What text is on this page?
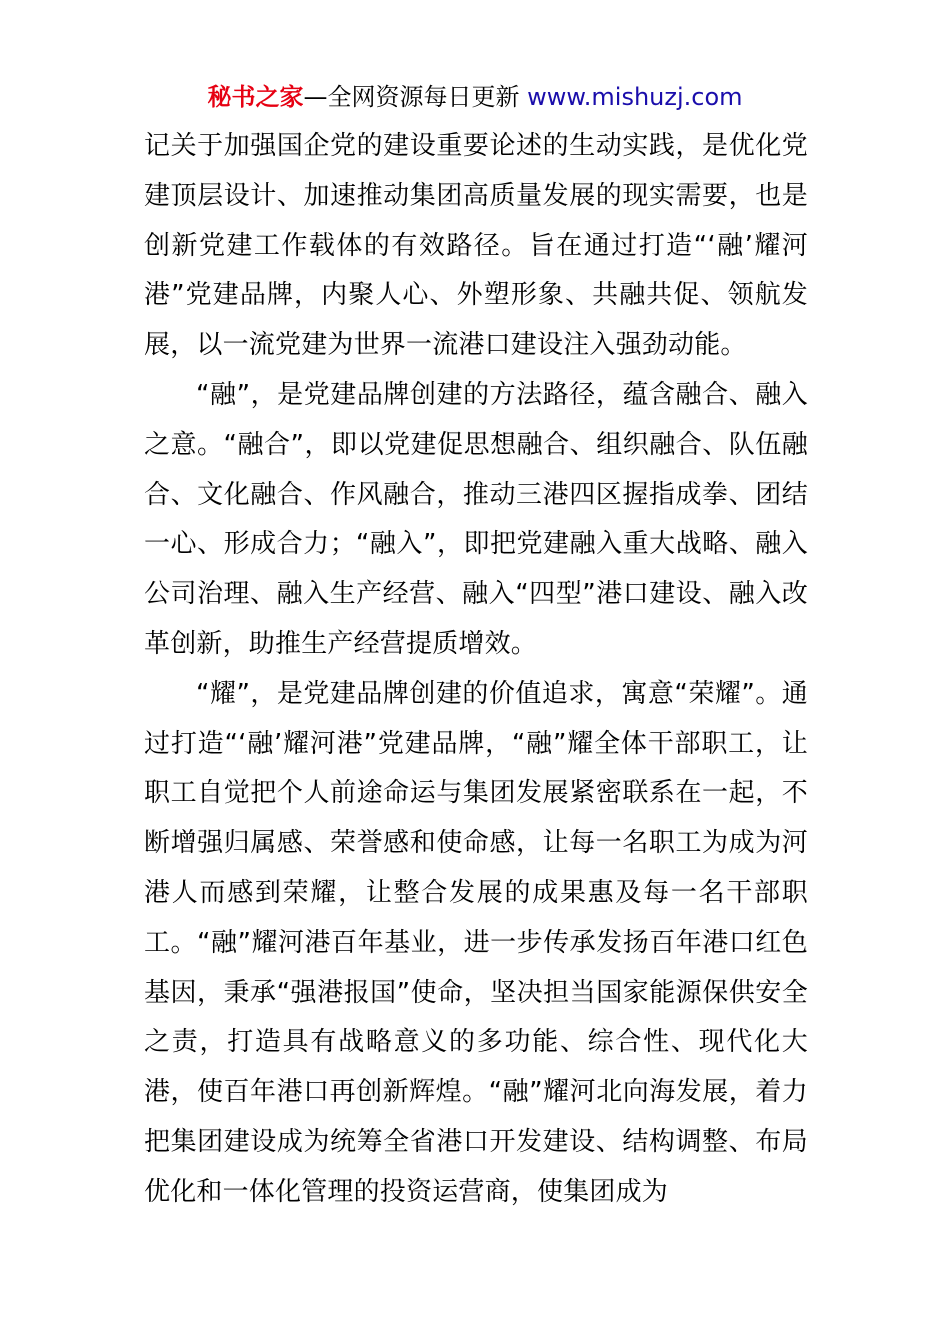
秘书之家—全网资源每日更新 www.mishuzj.com

记关于加强国企党的建设重要论述的生动实践，是优化党建顶层设计、加速推动集团高质量发展的现实需要，也是创新党建工作载体的有效路径。旨在通过打造“‘融’耀河港”党建品牌，内聚人心、外塑形象、共融共促、领航发展，以一流党建为世界一流港口建设注入强劲动能。

“融”，是党建品牌创建的方法路径，蕴含融合、融入之意。“融合”，即以党建促思想融合、组织融合、队伍融合、文化融合、作风融合，推动三港四区握指成拳、团结一心、形成合力；“融入”，即把党建融入重大战略、融入公司治理、融入生产经营、融入“四型”港口建设、融入改革创新，助推生产经营提质增效。

“耀”，是党建品牌创建的价值追求，寓意“荣耀”。通过打造“‘融’耀河港”党建品牌，“融”耀全体干部职工，让职工自觉把个人前途命运与集团发展紧密联系在一起，不断增强归属感、荣誉感和使命感，让每一名职工为成为河港人而感到荣耀，让整合发展的成果惠及每一名干部职工。“融”耀河港百年基业，进一步传承发扬百年港口红色基因，秉承“强港报国”使命，坚决担当国家能源保供安全之责，打造具有战略意义的多功能、综合性、现代化大港，使百年港口再创新辉煌。“融”耀河北向海发展，着力把集团建设成为统筹全省港口开发建设、结构调整、布局优化和一体化管理的投资运营商，使集团成为
